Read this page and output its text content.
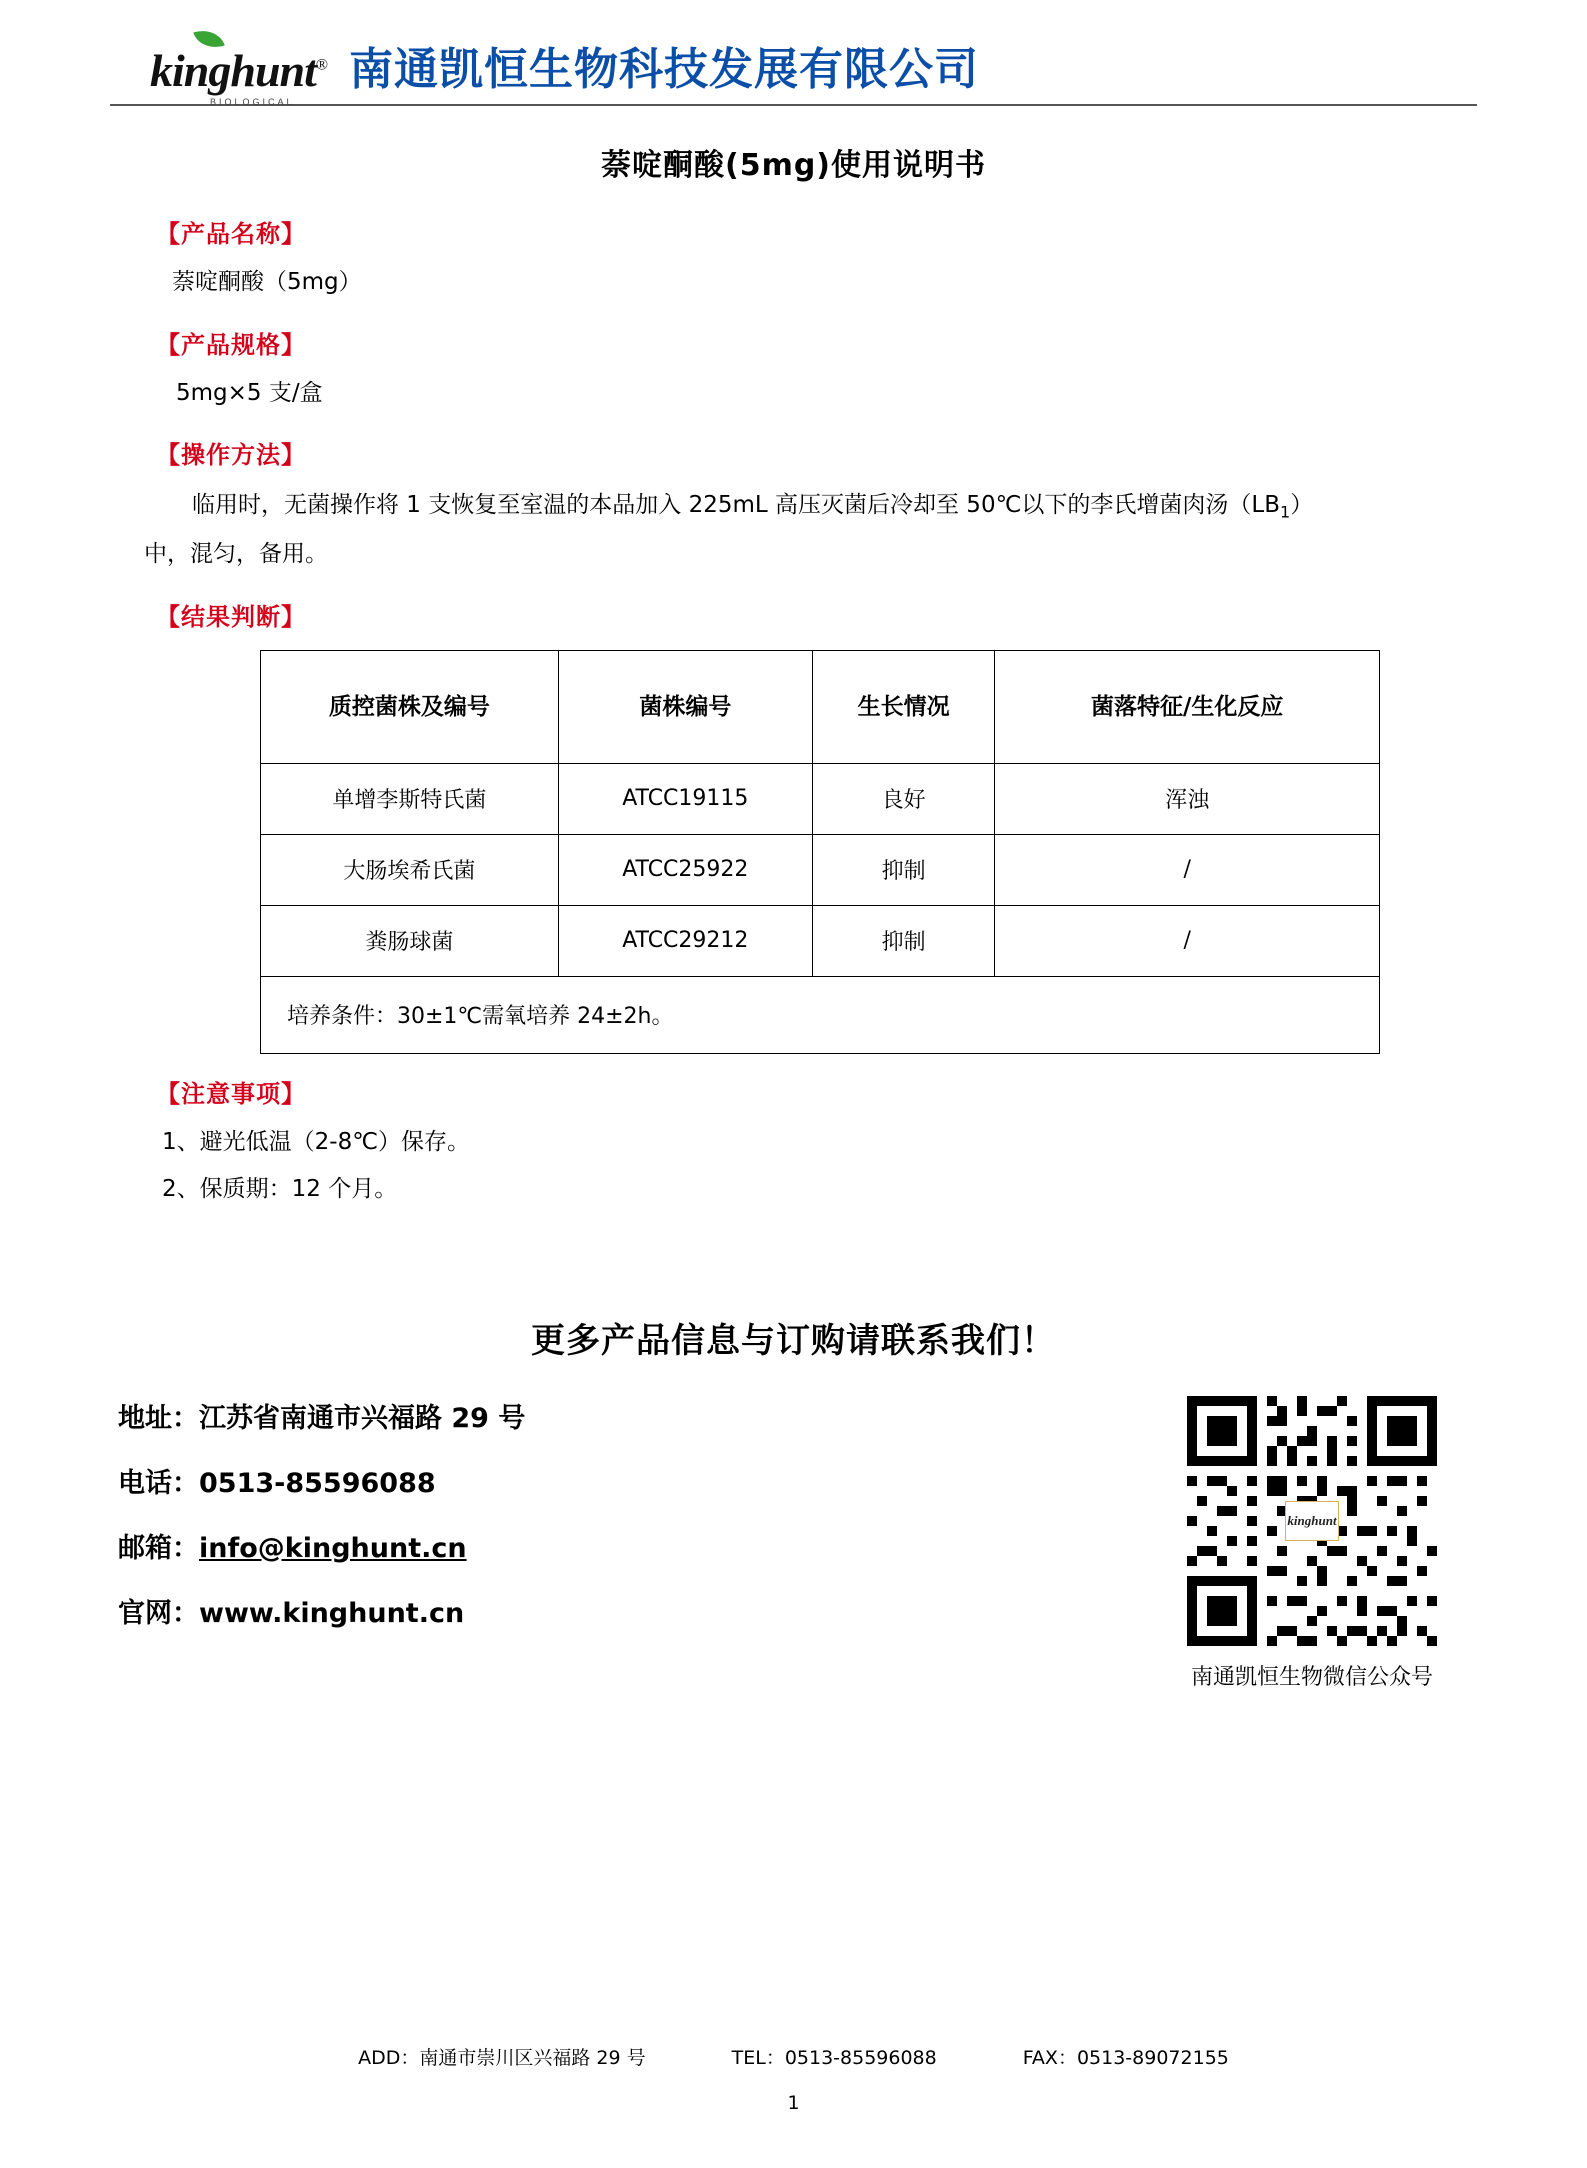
kinghunt®
BIOLOGICAL
南通凯恒生物科技发展有限公司
萘啶酮酸(5mg)使用说明书
【产品名称】
萘啶酮酸（5mg）
【产品规格】
5mg×5 支/盒
【操作方法】
临用时，无菌操作将 1 支恢复至室温的本品加入 225mL 高压灭菌后冷却至 50℃以下的李氏增菌肉汤$(LB_1)$
中，混匀，备用。
【结果判断】
质控菌株及编号	菌株编号	生长情况	菌落特征/生化反应
单增李斯特氏菌	ATCC19115	良好	浑浊
大肠埃希氏菌	ATCC25922	抑制	/
粪肠球菌	ATCC29212	抑制	/
培养条件：30±1℃需氧培养 24±2h。			
【注意事项】
1、避光低温（2-8℃）保存。
2、保质期：12 个月。
更多产品信息与订购请联系我们！
地址：江苏省南通市兴福路 29 号
电话：0513-85596088
邮箱：info@kinghunt.cn
官网：www.kinghunt.cn
kinghunt
南通凯恒生物微信公众号
ADD：南通市崇川区兴福路 29 号	TEL：0513-85596088	FAX：0513-89072155
1
